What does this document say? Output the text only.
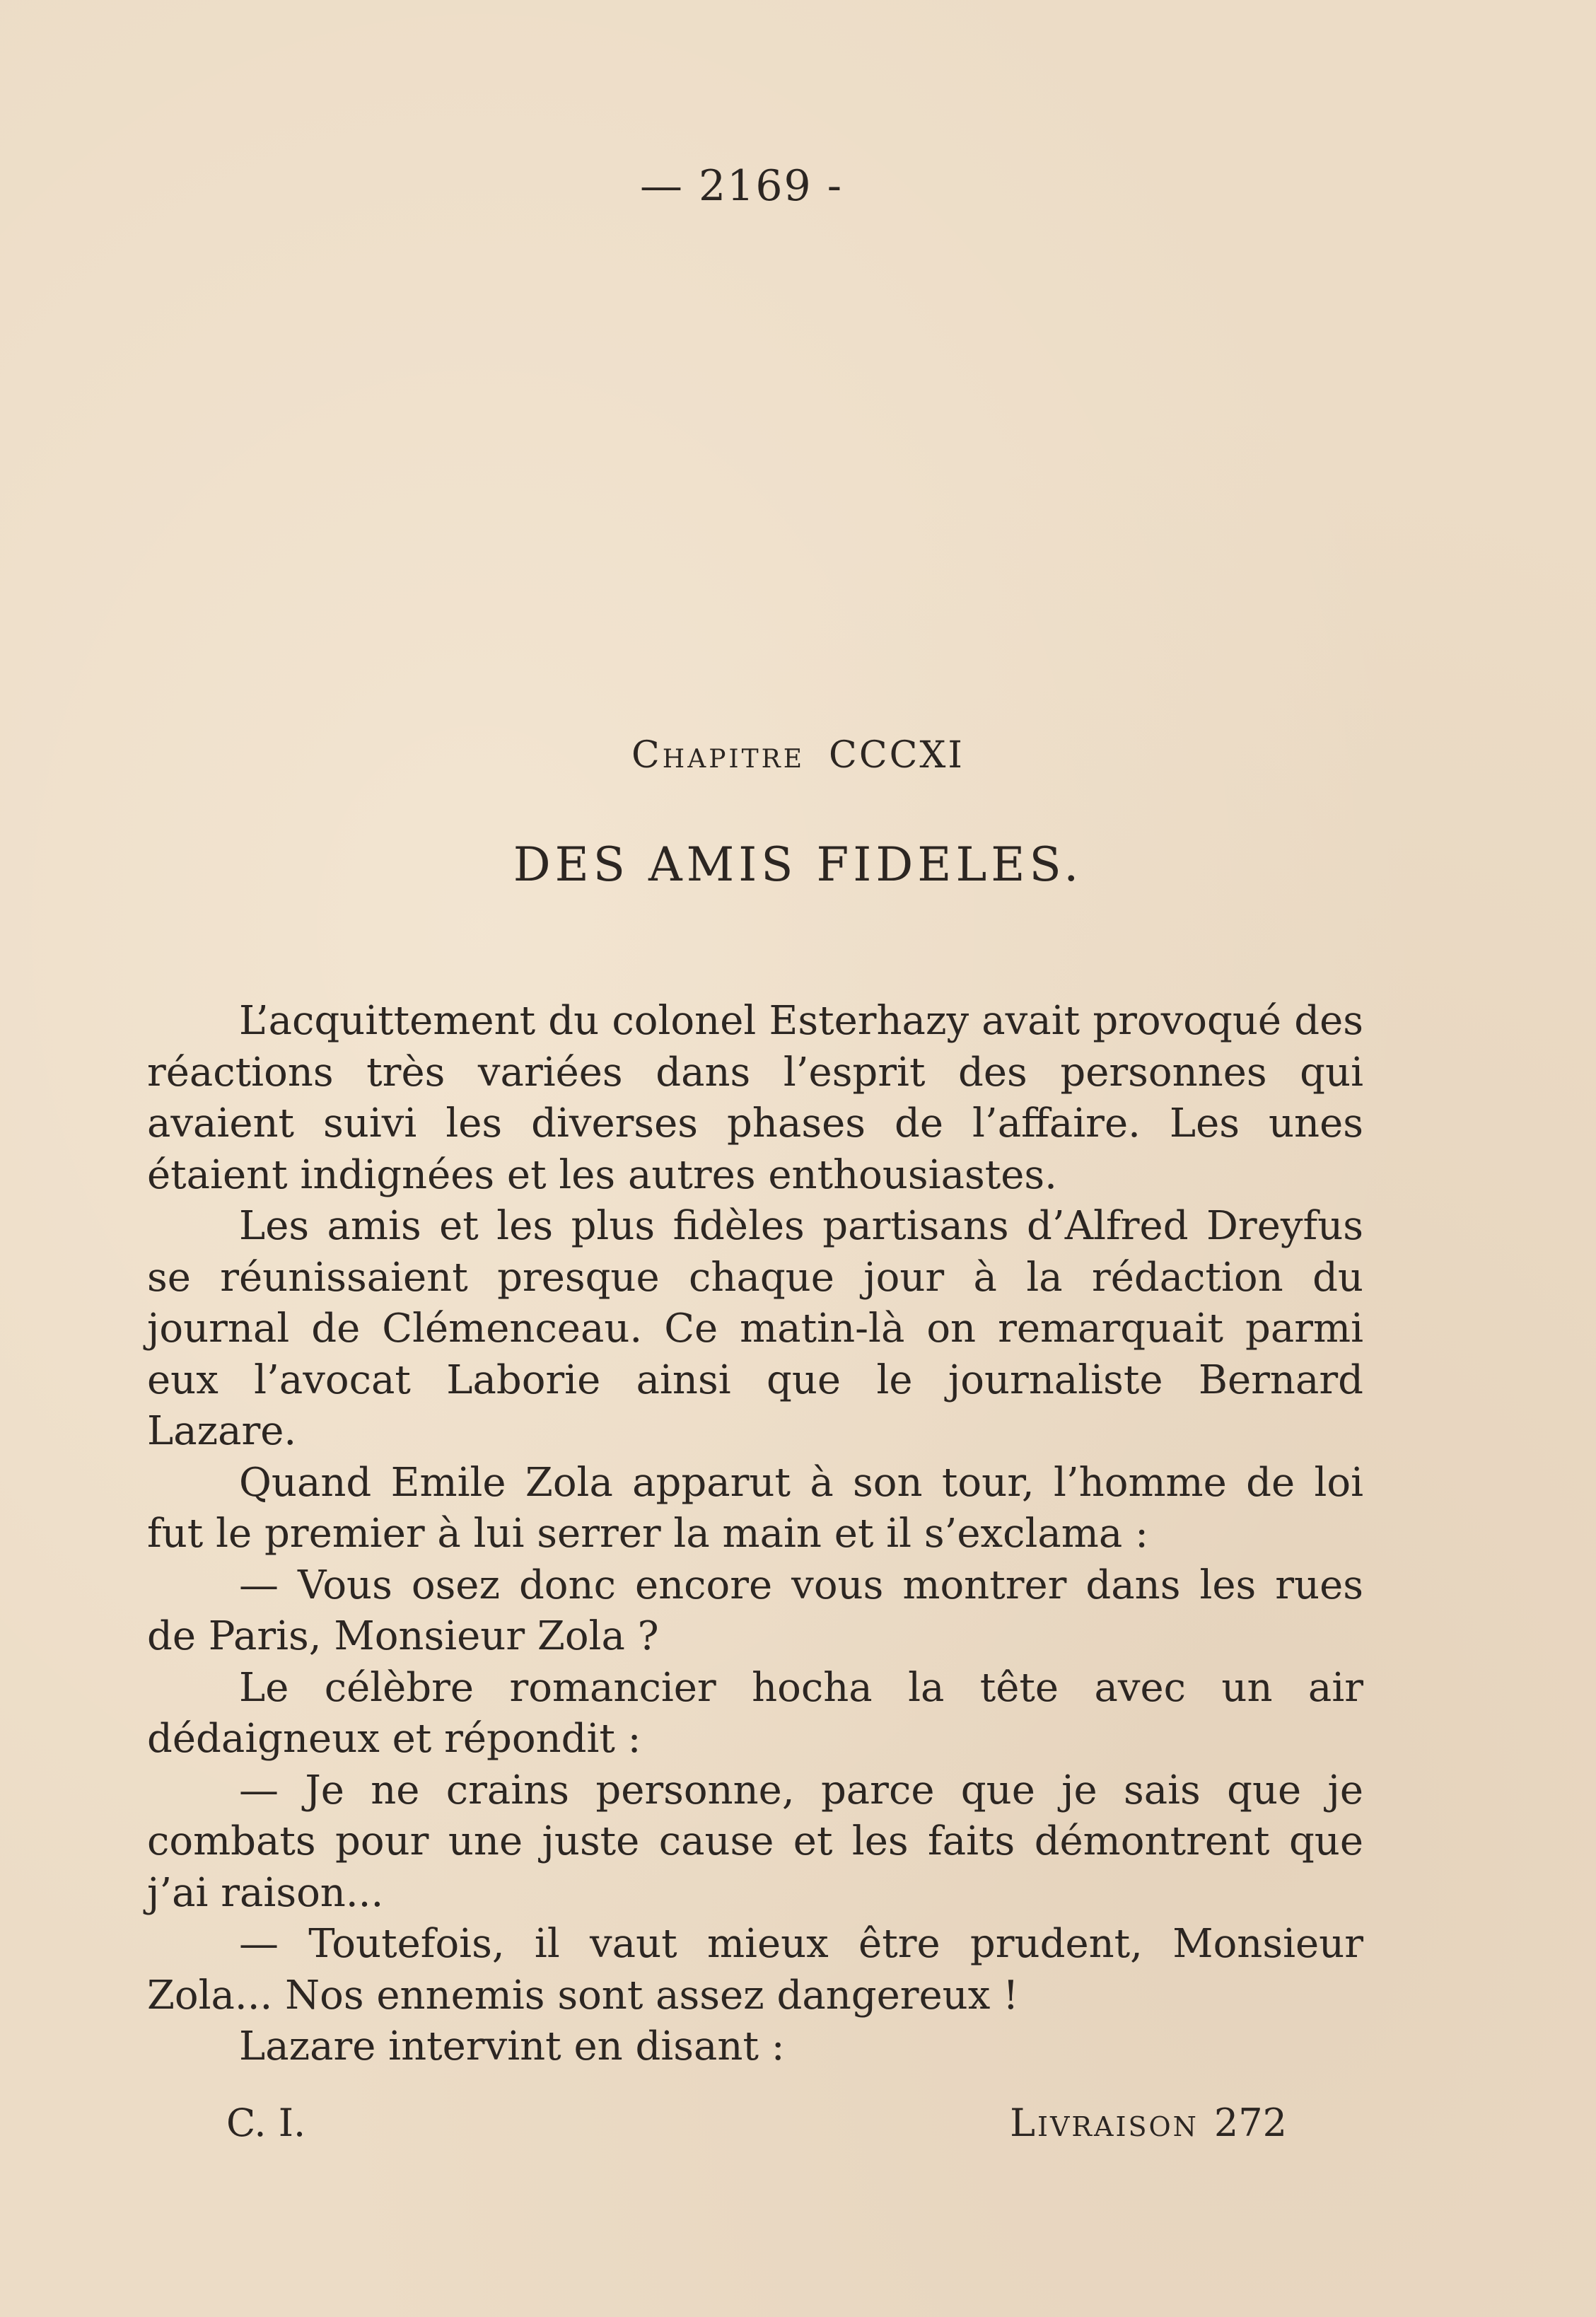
— 2169 -
Chapitre CCCXI
DES AMIS FIDELES.

L’acquittement du colonel Esterhazy avait provoqué des réactions très variées dans l’esprit des personnes qui avaient suivi les diverses phases de l’affaire. Les unes étaient indignées et les autres enthousiastes.

Les amis et les plus fidèles partisans d’Alfred Dreyfus se réunissaient presque chaque jour à la rédaction du journal de Clémenceau. Ce matin-là on remarquait parmi eux l’avocat Laborie ainsi que le journaliste Bernard Lazare.

Quand Emile Zola apparut à son tour, l’homme de loi fut le premier à lui serrer la main et il s’exclama :

— Vous osez donc encore vous montrer dans les rues de Paris, Monsieur Zola ?

Le célèbre romancier hocha la tête avec un air dédaigneux et répondit :

— Je ne crains personne, parce que je sais que je combats pour une juste cause et les faits démontrent que j’ai raison...

— Toutefois, il vaut mieux être prudent, Monsieur Zola... Nos ennemis sont assez dangereux !

Lazare intervint en disant :

C. I.	Livraison 272
